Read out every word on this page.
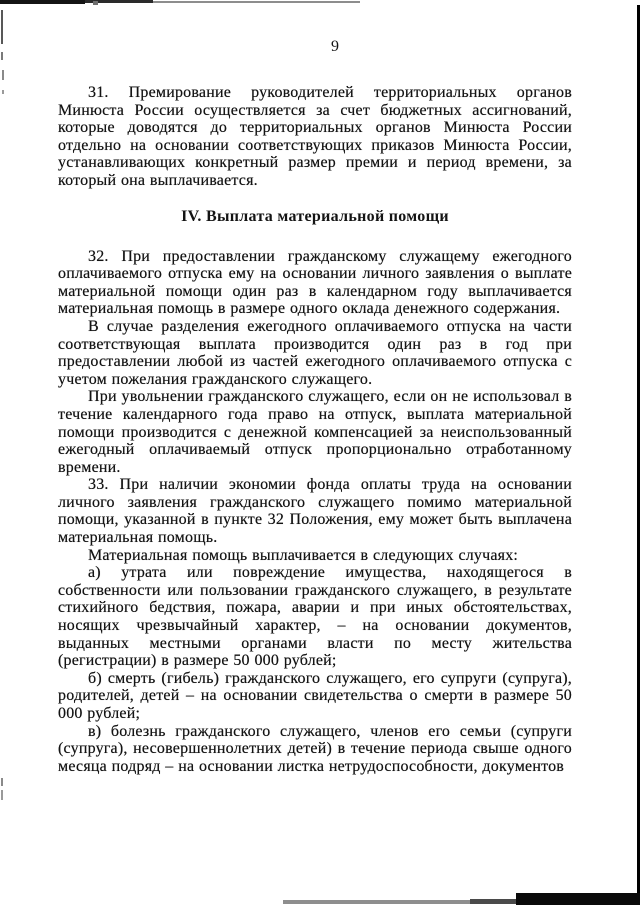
9

31. Премирование руководителей территориальных органов Минюста России осуществляется за счет бюджетных ассигнований, которые доводятся до территориальных органов Минюста России отдельно на основании соответствующих приказов Минюста России, устанавливающих конкретный размер премии и период времени, за который она выплачивается.

IV. Выплата материальной помощи

32. При предоставлении гражданскому служащему ежегодного оплачиваемого отпуска ему на основании личного заявления о выплате материальной помощи один раз в календарном году выплачивается материальная помощь в размере одного оклада денежного содержания.

В случае разделения ежегодного оплачиваемого отпуска на части соответствующая выплата производится один раз в год при предоставлении любой из частей ежегодного оплачиваемого отпуска с учетом пожелания гражданского служащего.

При увольнении гражданского служащего, если он не использовал в течение календарного года право на отпуск, выплата материальной помощи производится с денежной компенсацией за неиспользованный ежегодный оплачиваемый отпуск пропорционально отработанному времени.

33. При наличии экономии фонда оплаты труда на основании личного заявления гражданского служащего помимо материальной помощи, указанной в пункте 32 Положения, ему может быть выплачена материальная помощь.

Материальная помощь выплачивается в следующих случаях:

а) утрата или повреждение имущества, находящегося в собственности или пользовании гражданского служащего, в результате стихийного бедствия, пожара, аварии и при иных обстоятельствах, носящих чрезвычайный характер, – на основании документов, выданных местными органами власти по месту жительства (регистрации) в размере 50 000 рублей;

б) смерть (гибель) гражданского служащего, его супруги (супруга), родителей, детей – на основании свидетельства о смерти в размере 50 000 рублей;

в) болезнь гражданского служащего, членов его семьи (супруги (супруга), несовершеннолетних детей) в течение периода свыше одного месяца подряд – на основании листка нетрудоспособности, документов
